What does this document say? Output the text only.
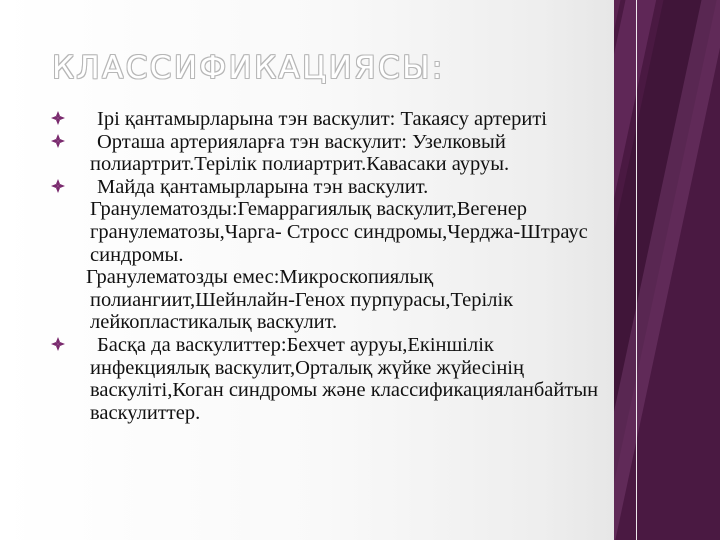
КЛАССИФИКАЦИЯСЫ:
Ірі қантамырларына тэн васкулит: Такаясу артериті
Орташа артерияларға тэн васкулит: Узелковый полиартрит.Терілік полиартрит.Кавасаки ауруы.
Майда қантамырларына тэн васкулит. Гранулематозды:Гемаррагиялық васкулит,Вегенер гранулематозы,Чарга- Стросс синдромы,Черджа-Штраус синдромы.
Гранулематозды емес:Микроскопиялық полиангиит,Шейнлайн-Генох пурпурасы,Терілік лейкопластикалық васкулит.
Басқа да васкулиттер:Бехчет ауруы,Екіншілік инфекциялық васкулит,Орталық жүйке жүйесінің васкуліті,Коган синдромы және классификацияланбайтын васкулиттер.
